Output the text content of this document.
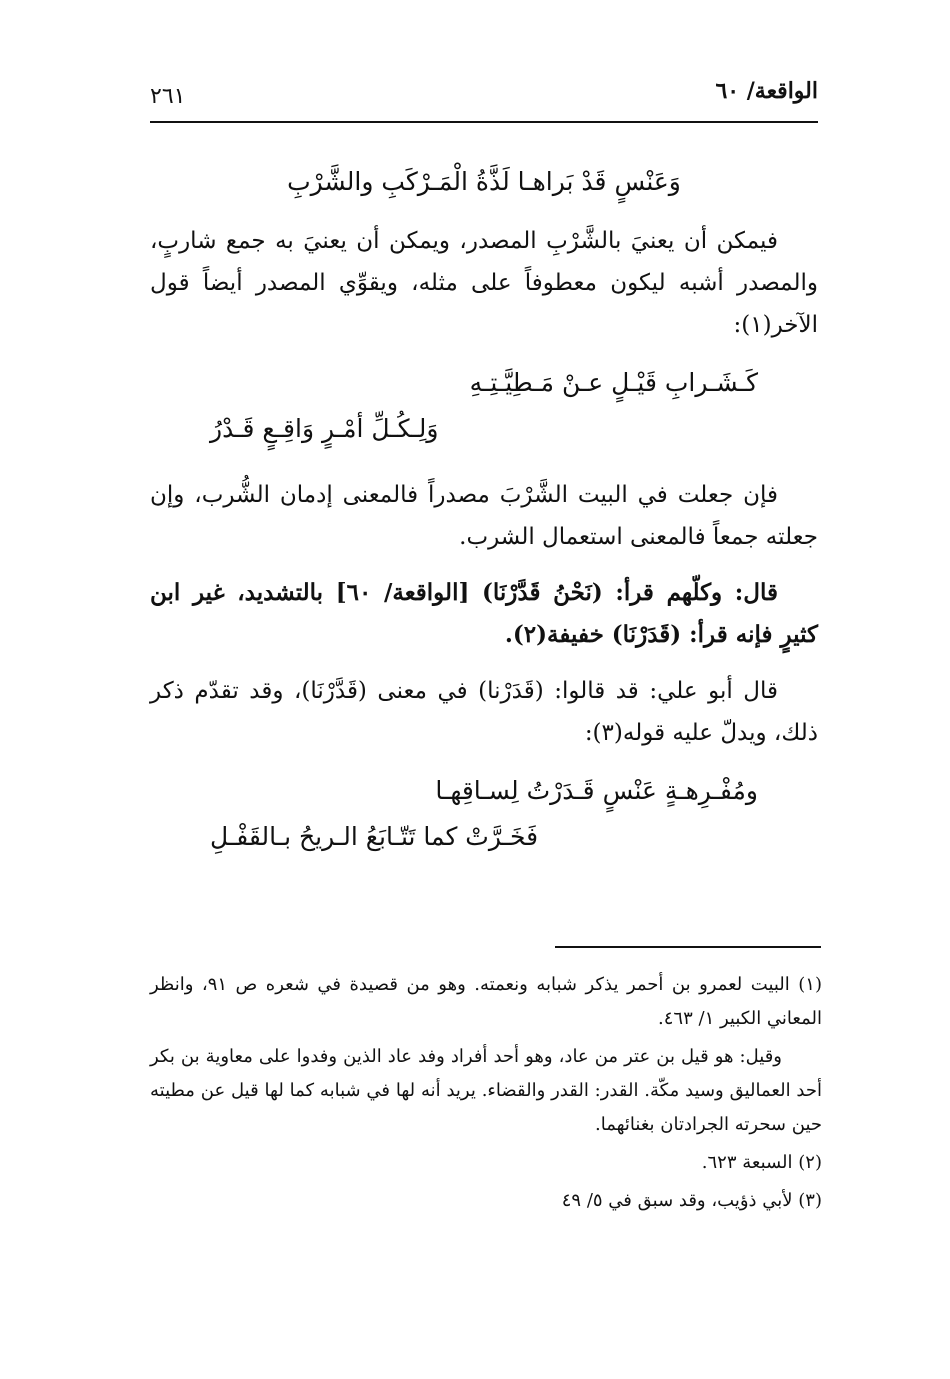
الواقعة/ ٦٠
٢٦١
وَعَنْسٍ قَدْ بَراهـا لَذَّةُ الْمَـرْكَبِ والشَّرْبِ

فيمكن أن يعنيَ بالشَّرْبِ المصدر، ويمكن أن يعنيَ به جمع شاربٍ، والمصدر أشبه ليكون معطوفاً على مثله، ويقوِّي المصدر أيضاً قول الآخر(١):

كَـشَـرابِ قَيْـلٍ عـنْ مَـطِيَّـتِـهِ
وَلِـكُـلِّ أمْـرٍ وَاقِـعٍ قَـدْرُ

فإن جعلت في البيت الشَّرْبَ مصدراً فالمعنى إدمان الشُّرب، وإن جعلته جمعاً فالمعنى استعمال الشرب.

قال: وكلّهم قرأ: (نَحْنُ قَدَّرْنَا) [الواقعة/ ٦٠] بالتشديد، غير ابن كثيرٍ فإنه قرأ: (قَدَرْنَا) خفيفة(٢).

قال أبو علي: قد قالوا: (قَدَرْنا) في معنى (قَدَّرْنَا)، وقد تقدّم ذكر ذلك، ويدلّ عليه قوله(٣):

ومُفْـرِهـةٍ عَنْسٍ قَـدَرْتُ لِسـاقِهـا
فَخَـرَّتْ كما تَتّـابَعُ الـريحُ بـالقَفْـلِ

(١) البيت لعمرو بن أحمر يذكر شبابه ونعمته. وهو من قصيدة في شعره ص ٩١، وانظر المعاني الكبير ١/ ٤٦٣.

وقيل: هو قيل بن عتر من عاد، وهو أحد أفراد وفد عاد الذين وفدوا على معاوية بن بكر أحد العماليق وسيد مكّة. القدر: القدر والقضاء. يريد أنه لها في شبابه كما لها قيل عن مطيته حين سحرته الجرادتان بغنائهما.

(٢) السبعة ٦٢٣.

(٣) لأبي ذؤيب، وقد سبق في ٥/ ٤٩
